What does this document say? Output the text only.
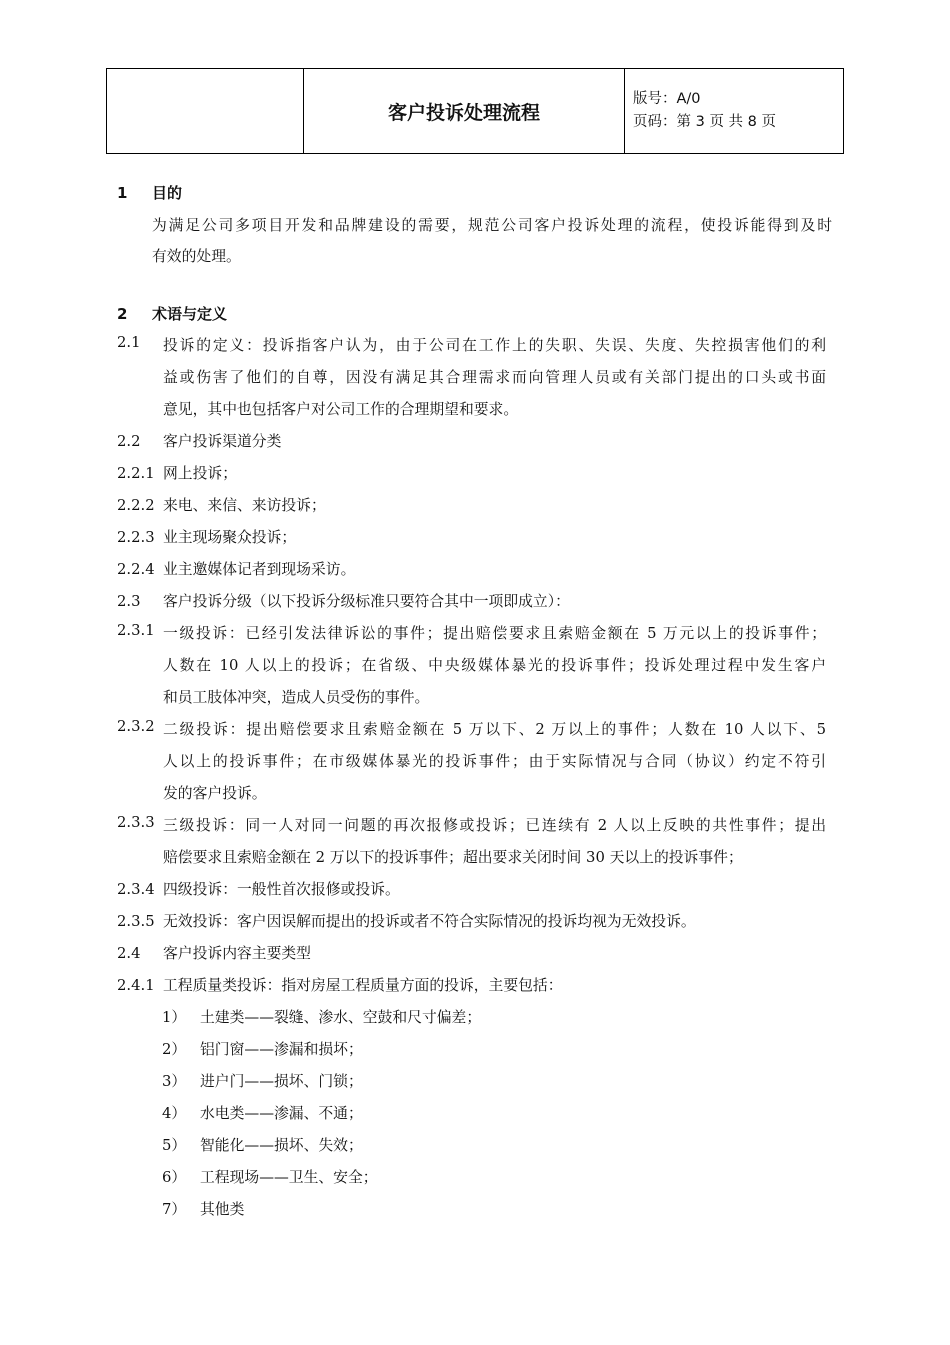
	客户投诉处理流程	
版号：A/0
页码：第 3 页 共 8 页
1 目的
为满足公司多项目开发和品牌建设的需要，规范公司客户投诉处理的流程，使投诉能得到及时
有效的处理。
2 术语与定义
2.1	投诉的定义：投诉指客户认为，由于公司在工作上的失职、失误、失度、失控损害他们的利
益或伤害了他们的自尊，因没有满足其合理需求而向管理人员或有关部门提出的口头或书面
意见，其中也包括客户对公司工作的合理期望和要求。
2.2 客户投诉渠道分类
2.2.1 网上投诉；
2.2.2 来电、来信、来访投诉；
2.2.3 业主现场聚众投诉；
2.2.4 业主邀媒体记者到现场采访。
2.3 客户投诉分级（以下投诉分级标准只要符合其中一项即成立）：
2.3.1 一级投诉：已经引发法律诉讼的事件；提出赔偿要求且索赔金额在 5 万元以上的投诉事件；
人数在 10 人以上的投诉；在省级、中央级媒体暴光的投诉事件；投诉处理过程中发生客户
和员工肢体冲突，造成人员受伤的事件。
2.3.2 二级投诉：提出赔偿要求且索赔金额在 5 万以下、2 万以上的事件；人数在 10 人以下、5
人以上的投诉事件；在市级媒体暴光的投诉事件；由于实际情况与合同（协议）约定不符引
发的客户投诉。
2.3.3 三级投诉：同一人对同一问题的再次报修或投诉；已连续有 2 人以上反映的共性事件；提出
赔偿要求且索赔金额在 2 万以下的投诉事件；超出要求关闭时间 30 天以上的投诉事件；
2.3.4 四级投诉：一般性首次报修或投诉。
2.3.5 无效投诉：客户因误解而提出的投诉或者不符合实际情况的投诉均视为无效投诉。
2.4 客户投诉内容主要类型
2.4.1 工程质量类投诉：指对房屋工程质量方面的投诉，主要包括：
1） 土建类——裂缝、渗水、空鼓和尺寸偏差；
2） 铝门窗——渗漏和损坏；
3） 进户门——损坏、门锁；
4） 水电类——渗漏、不通；
5） 智能化——损坏、失效；
6） 工程现场——卫生、安全；
7） 其他类
